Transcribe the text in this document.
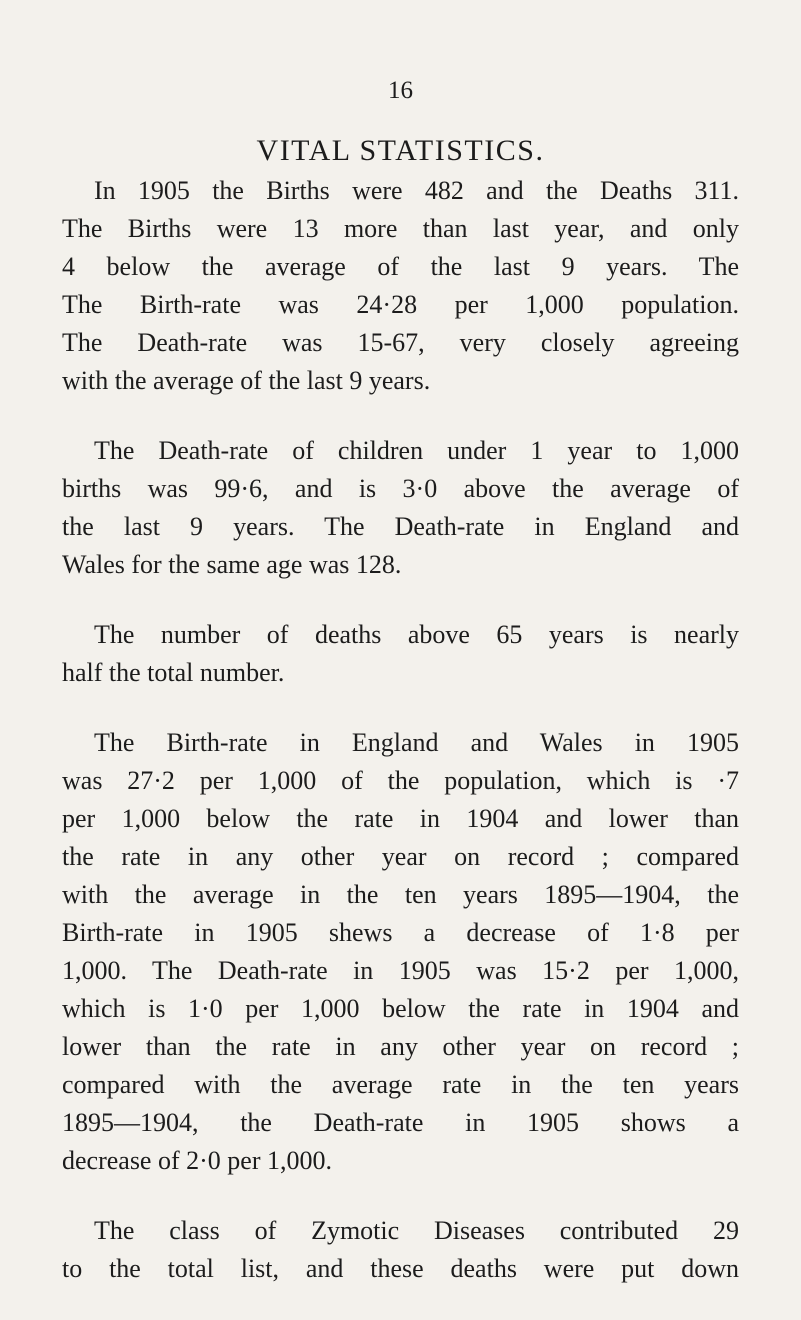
16
VITAL STATISTICS.

In 1905 the Births were 482 and the Deaths 311.
The Births were 13 more than last year, and only
4 below the average of the last 9 years. The
The Birth-rate was 24·28 per 1,000 population.
The Death-rate was 15-67, very closely agreeing
with the average of the last 9 years.

The Death-rate of children under 1 year to 1,000
births was 99·6, and is 3·0 above the average of
the last 9 years. The Death-rate in England and
Wales for the same age was 128.

The number of deaths above 65 years is nearly
half the total number.

The Birth-rate in England and Wales in 1905
was 27·2 per 1,000 of the population, which is ·7
per 1,000 below the rate in 1904 and lower than
the rate in any other year on record ; compared
with the average in the ten years 1895—1904, the
Birth-rate in 1905 shews a decrease of 1·8 per
1,000. The Death-rate in 1905 was 15·2 per 1,000,
which is 1·0 per 1,000 below the rate in 1904 and
lower than the rate in any other year on record ;
compared with the average rate in the ten years
1895—1904, the Death-rate in 1905 shows a
decrease of 2·0 per 1,000.

The class of Zymotic Diseases contributed 29
to the total list, and these deaths were put down
